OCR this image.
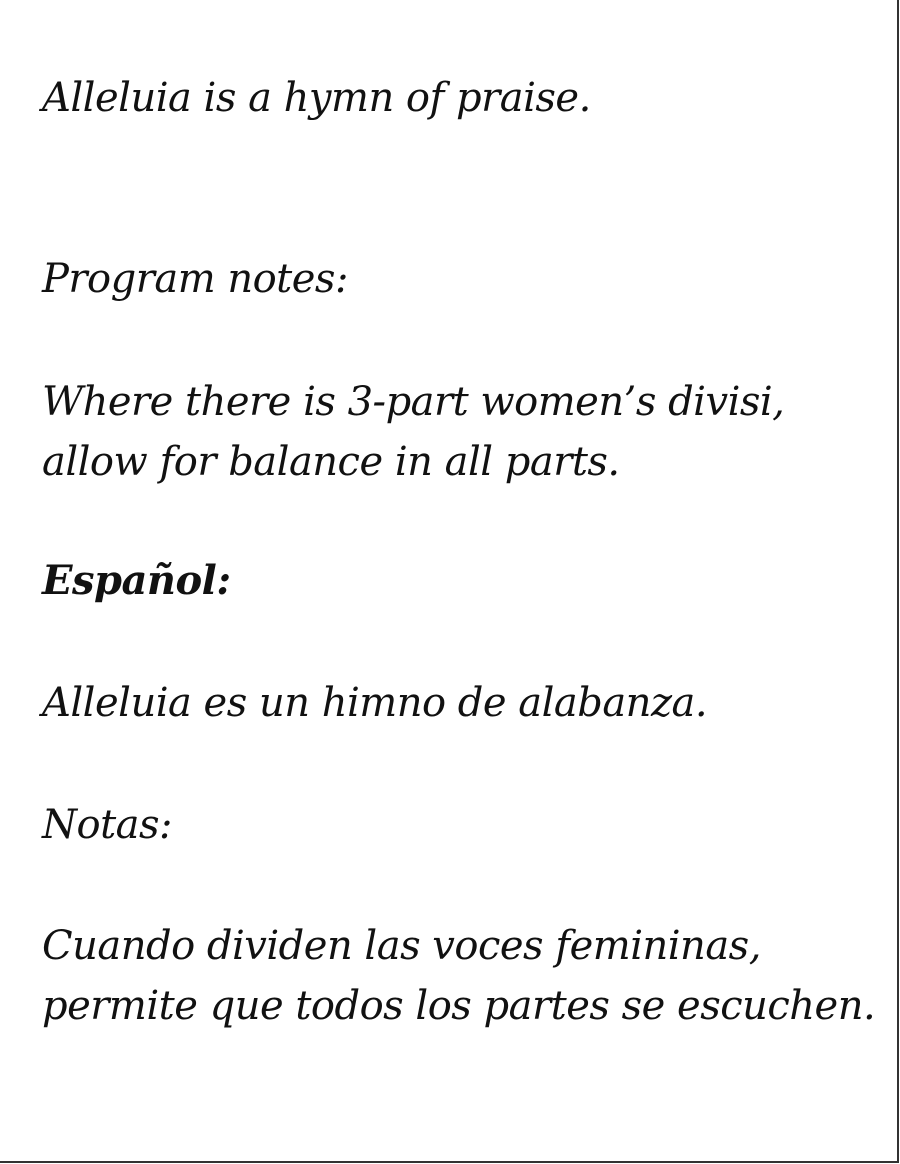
Alleluia is a hymn of praise.

Program notes:

Where there is 3-part women’s divisi,

allow for balance in all parts.

Español:

Alleluia es un himno de alabanza.

Notas:

Cuando dividen las voces femininas,

permite que todos los partes se escuchen.
